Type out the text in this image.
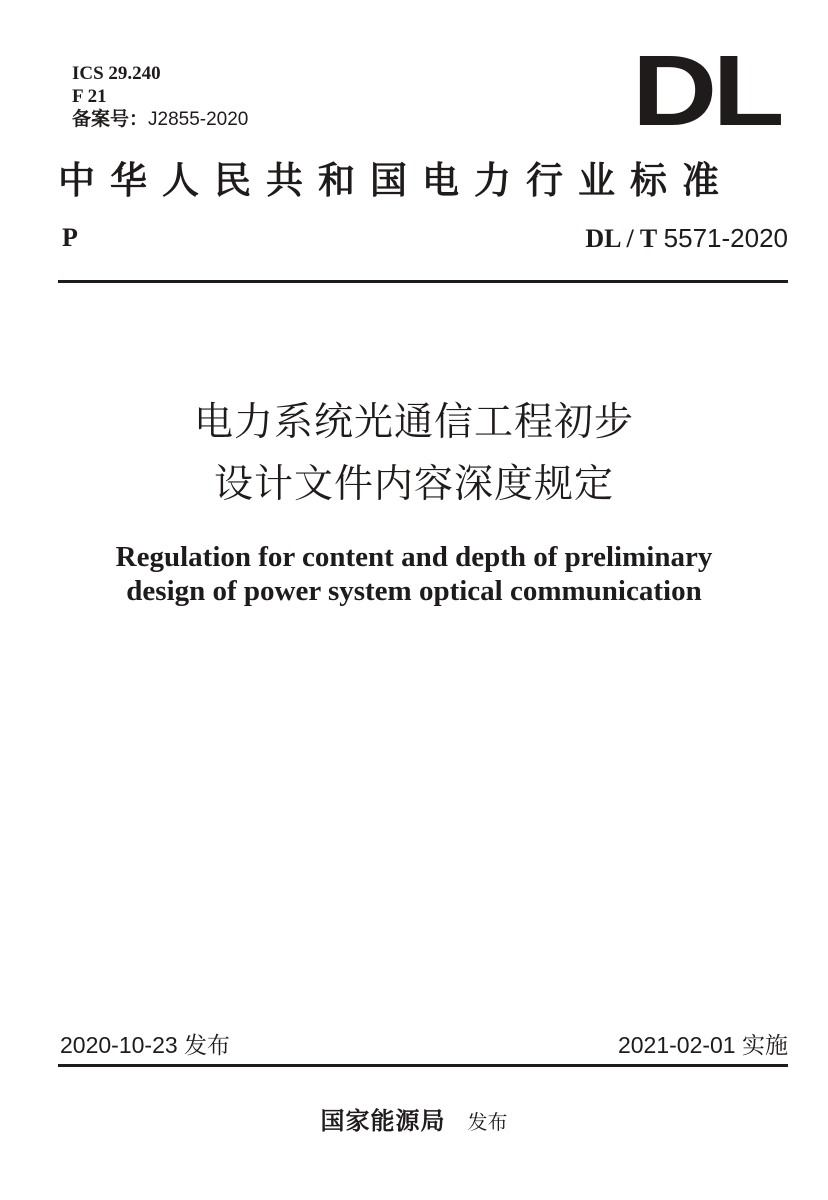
ICS 29.240
F 21
备案号：J2855-2020	DL
中华人民共和国电力行业标准
P	DL / T 5571-2020
电力系统光通信工程初步
设计文件内容深度规定
Regulation for content and depth of preliminary
design of power system optical communication
2020-10-23 发布	2021-02-01 实施
国家能源局 发布
